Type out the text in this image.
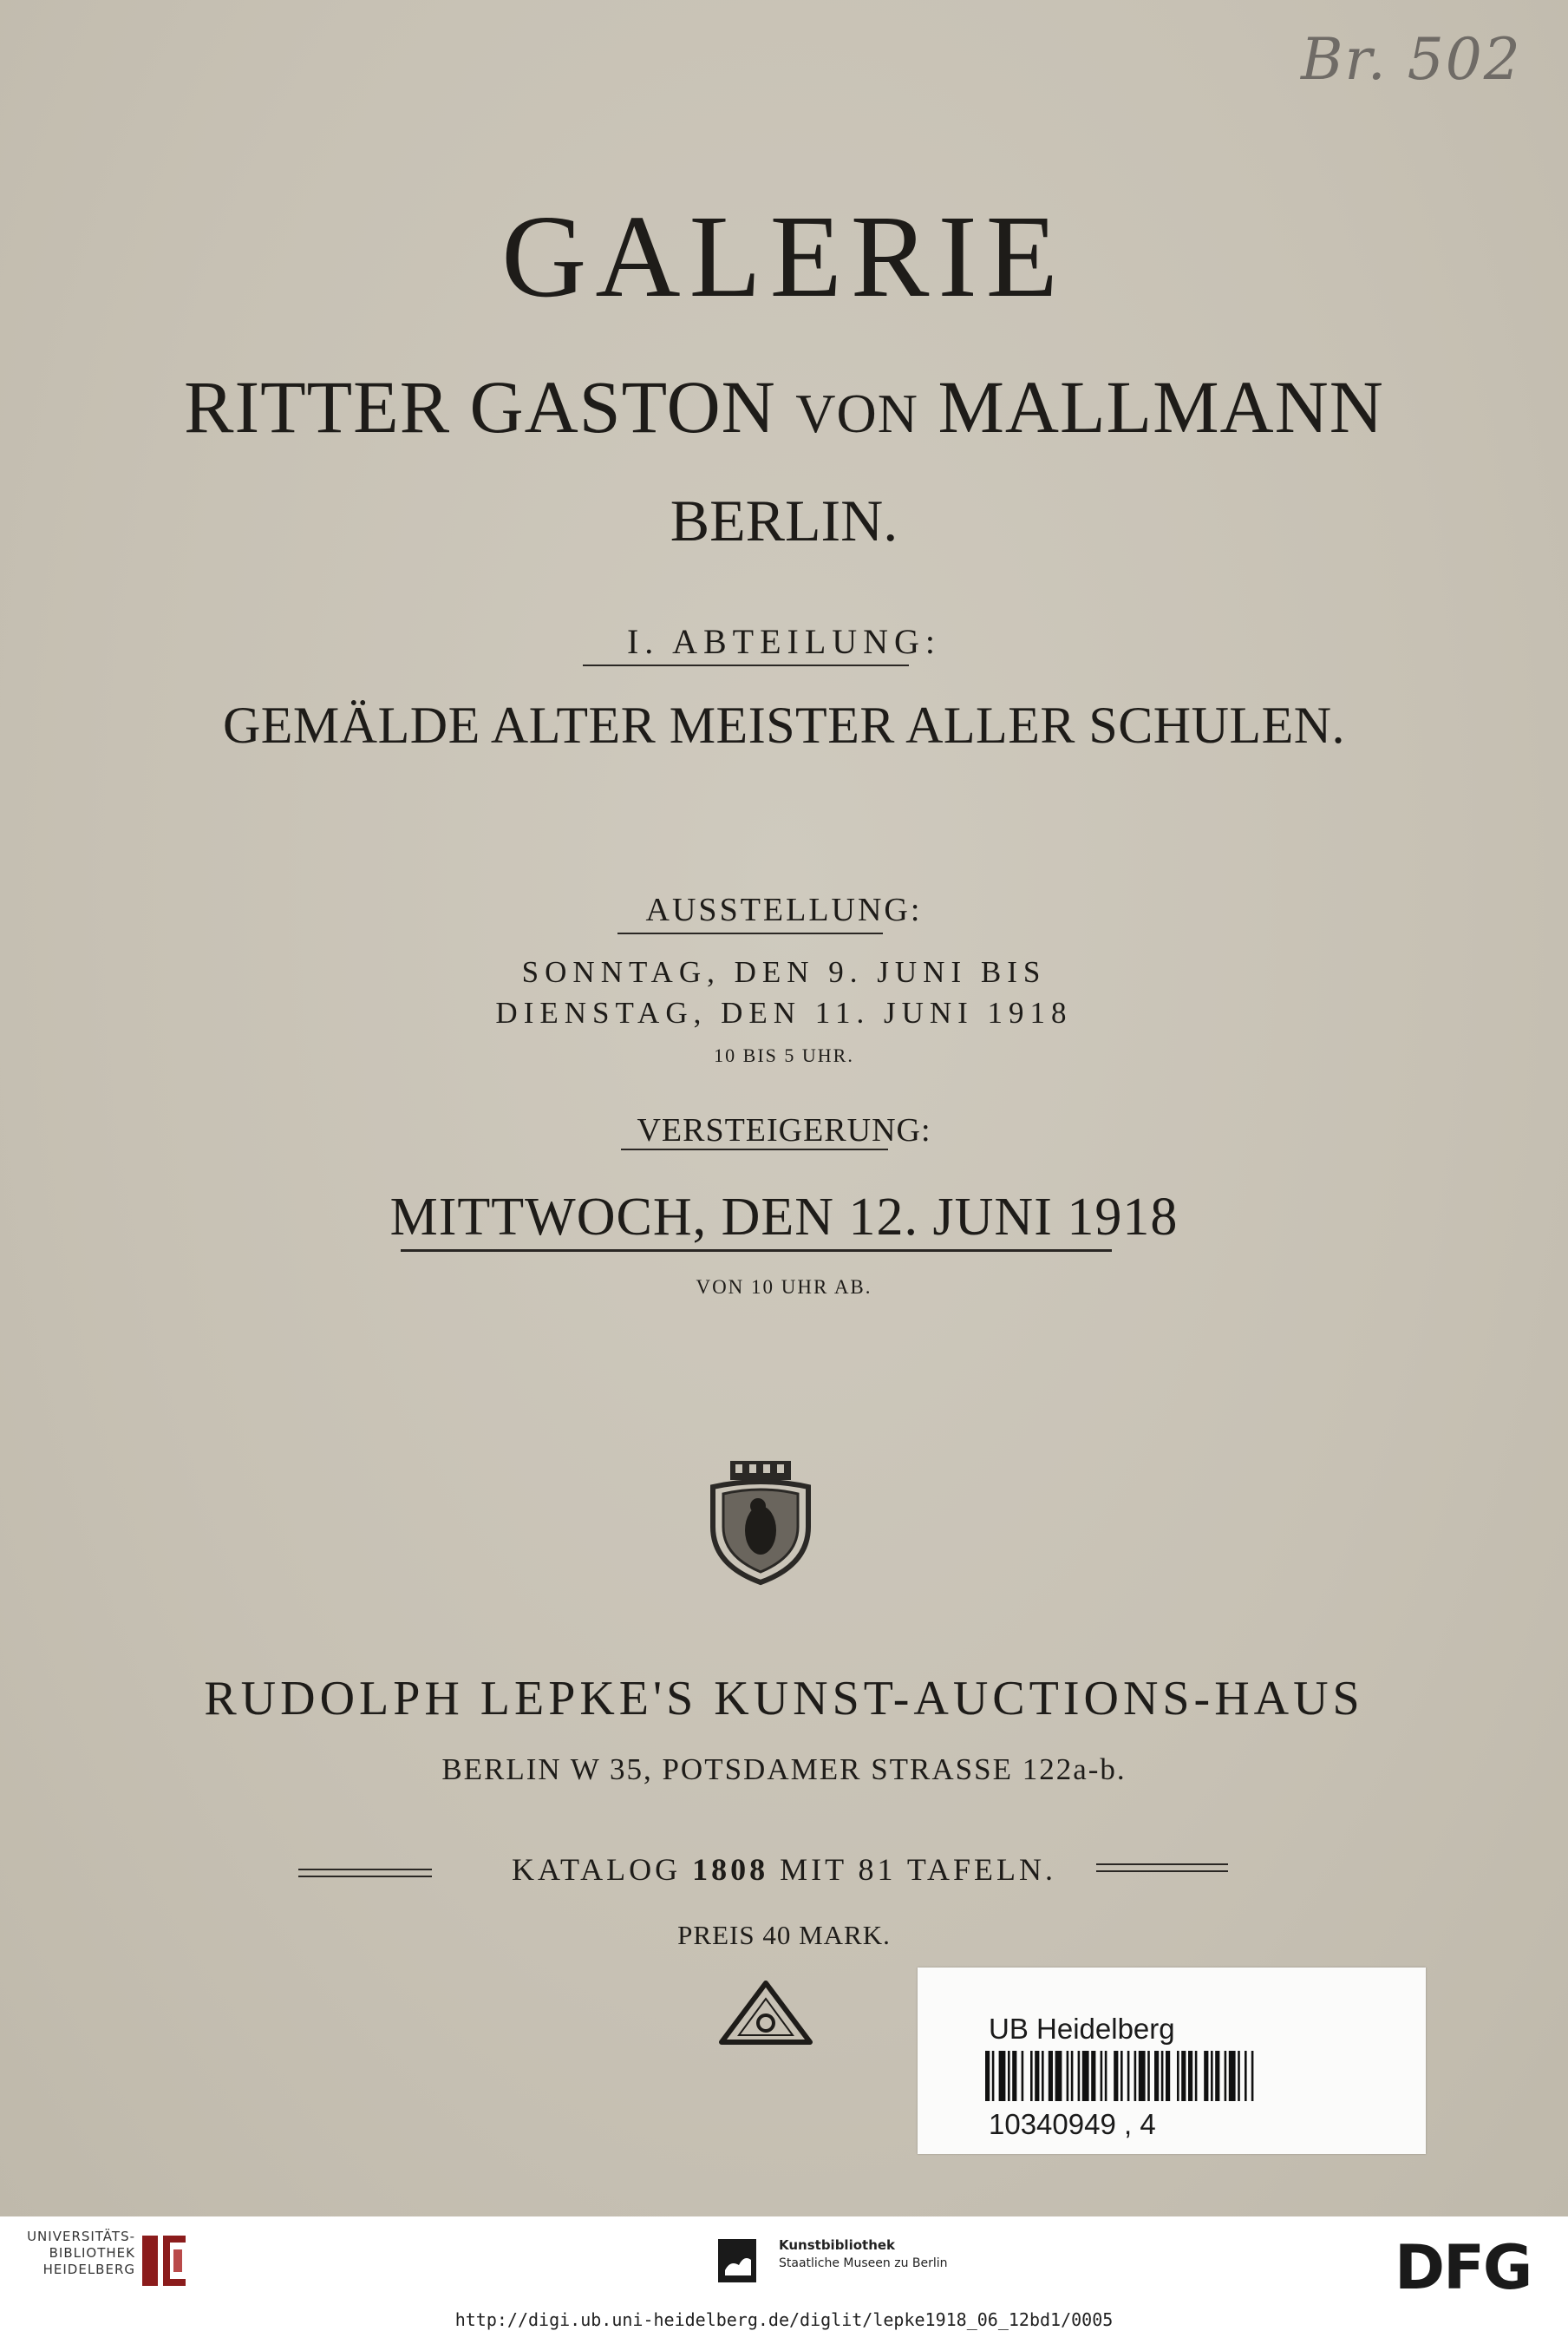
Br. 502
GALERIE
RITTER GASTON VON MALLMANN
BERLIN.
I. ABTEILUNG:
GEMÄLDE ALTER MEISTER ALLER SCHULEN.
AUSSTELLUNG:
SONNTAG, DEN 9. JUNI BIS
DIENSTAG, DEN 11. JUNI 1918
10 BIS 5 UHR.
VERSTEIGERUNG:
MITTWOCH, DEN 12. JUNI 1918
VON 10 UHR AB.
RUDOLPH LEPKE'S KUNST-AUCTIONS-HAUS
BERLIN W 35, POTSDAMER STRASSE 122a-b.
KATALOG 1808 MIT 81 TAFELN.
PREIS 40 MARK.
UB Heidelberg
10340949 , 4
UNIVERSITÄTS-
BIBLIOTHEK
HEIDELBERG
Kunstbibliothek
Staatliche Museen zu Berlin	DFG
http://digi.ub.uni-heidelberg.de/diglit/lepke1918_06_12bd1/0005
